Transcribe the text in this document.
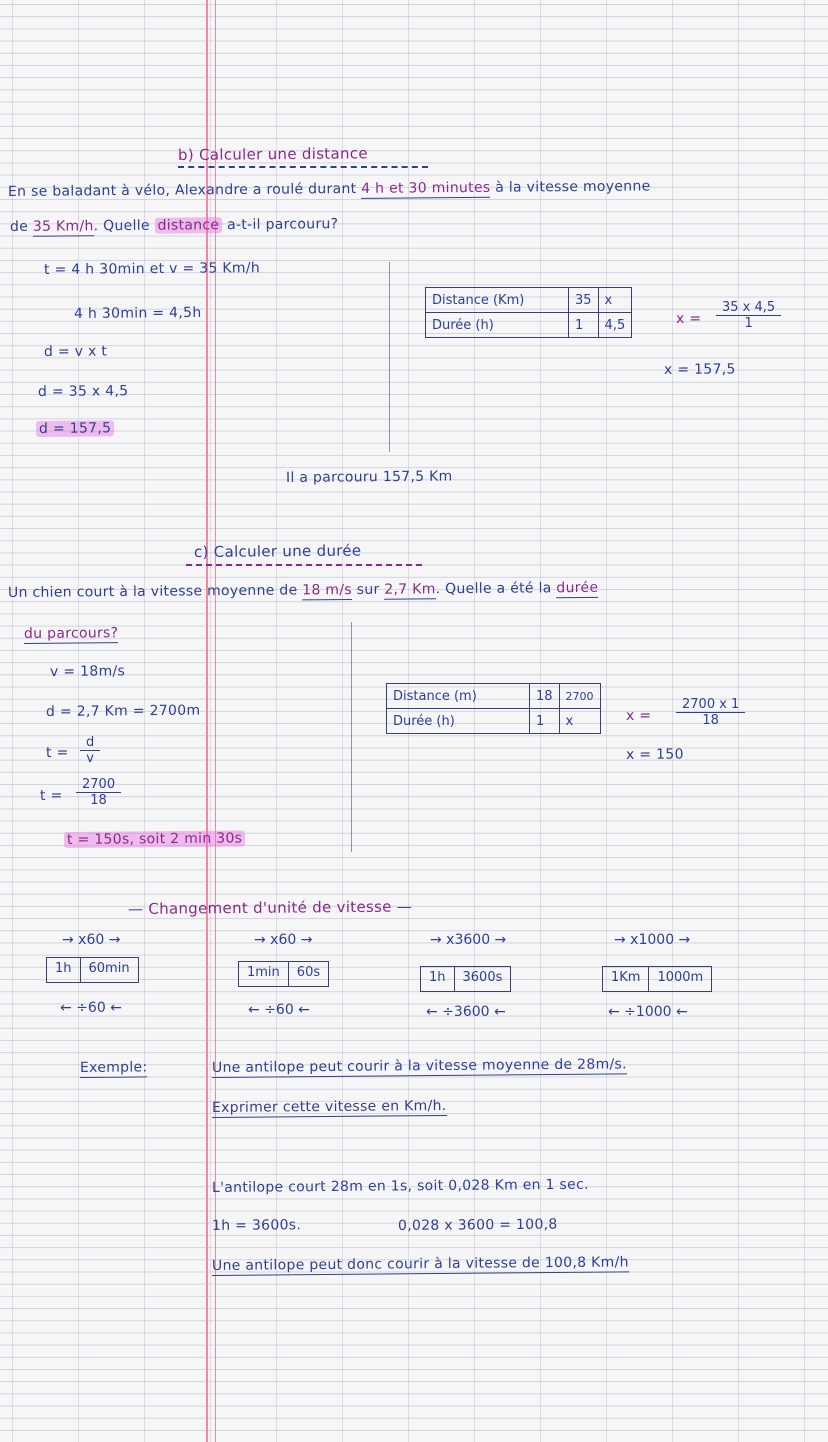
b) Calculer une distance
En se baladant à vélo, Alexandre a roulé durant 4 h et 30 minutes à la vitesse moyenne
de 35 Km/h. Quelle distance a-t-il parcouru?
t = 4 h 30min et v = 35 Km/h
4 h 30min = 4,5h
d = v x t
d = 35 x 4,5
d = 157,5
Distance (Km)	35	x
Durée (h)	1	4,5	$x = \frac{35 x 4,5}{1}$
x = 157,5
Il a parcouru 157,5 Km
c) Calculer une durée
Un chien court à la vitesse moyenne de 18 m/s sur 2,7 Km. Quelle a été la durée
du parcours?
v = 18m/s
d = 2,7 Km = 2700m
$t = \frac{d}{v}$
$t = \frac{2700}{18}$
t = 150s, soit 2 min 30s
Distance (m)	18	2700
Durée (h)	1	x	$x = \frac{2700 x 1}{18}$
x = 150
— Changement d'unité de vitesse —
→ x60 →
1h	60min
← ÷60 ←
→ x60 →
1min	60s
← ÷60 ←
→ x3600 →
1h	3600s
← ÷3600 ←
→ x1000 →
1Km	1000m
← ÷1000 ←
Exemple:	Une antilope peut courir à la vitesse moyenne de 28m/s.
Exprimer cette vitesse en Km/h.
L'antilope court 28m en 1s, soit 0,028 Km en 1 sec.
1h = 3600s.	0,028 x 3600 = 100,8
Une antilope peut donc courir à la vitesse de 100,8 Km/h
